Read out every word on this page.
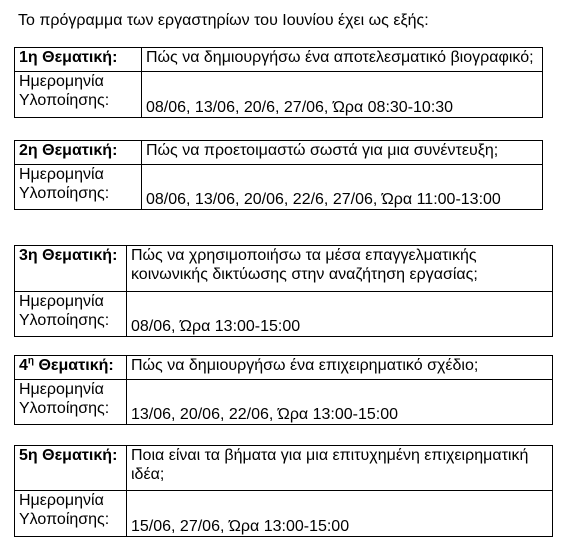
Το πρόγραμμα των εργαστηρίων του Ιουνίου έχει ως εξής:
1η Θεματική:	Πώς να δημιουργήσω ένα αποτελεσματικό βιογραφικό;

Ημερομηνία
Υλοποίησης:	08/06, 13/06, 20/6, 27/06, Ώρα 08:30-10:30
2η Θεματική:	Πώς να προετοιμαστώ σωστά για μια συνέντευξη;

Ημερομηνία
Υλοποίησης:	08/06, 13/06, 20/06, 22/6, 27/06, Ώρα 11:00-13:00
3η Θεματική:	Πώς να χρησιμοποιήσω τα μέσα επαγγελματικής κοινωνικής δικτύωσης στην αναζήτηση εργασίας;

Ημερομηνία
Υλοποίησης:	08/06, Ώρα 13:00-15:00
$4^\eta$ Θεματική:	Πώς να δημιουργήσω ένα επιχειρηματικό σχέδιο;

Ημερομηνία
Υλοποίησης:	13/06, 20/06, 22/06, Ώρα 13:00-15:00
5η Θεματική:	Ποια είναι τα βήματα για μια επιτυχημένη επιχειρηματική ιδέα;

Ημερομηνία
Υλοποίησης:	15/06, 27/06, Ώρα 13:00-15:00
